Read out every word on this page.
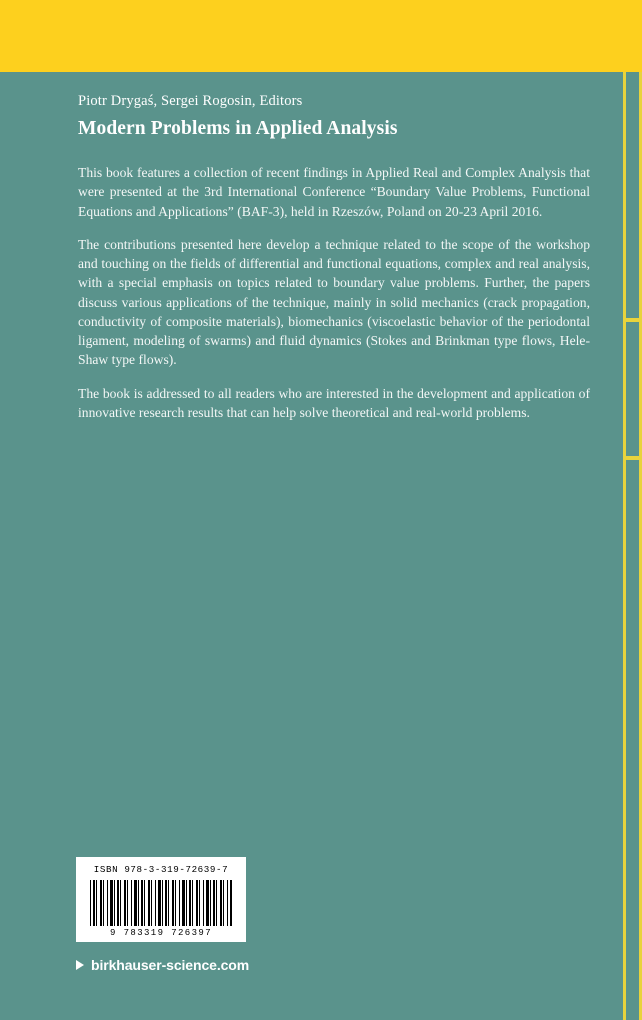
Piotr Drygaś, Sergei Rogosin, Editors

Modern Problems in Applied Analysis

This book features a collection of recent findings in Applied Real and Complex Analysis that were presented at the 3rd International Conference “Boundary Value Problems, Functional Equations and Applications” (BAF-3), held in Rzeszów, Poland on 20-23 April 2016.

The contributions presented here develop a technique related to the scope of the workshop and touching on the fields of differential and functional equations, complex and real analysis, with a special emphasis on topics related to boundary value problems. Further, the papers discuss various applications of the technique, mainly in solid mechanics (crack propagation, conductivity of composite materials), biomechanics (viscoelastic behavior of the periodontal ligament, modeling of swarms) and fluid dynamics (Stokes and Brinkman type flows, Hele-Shaw type flows).

The book is addressed to all readers who are interested in the development and application of innovative research results that can help solve theoretical and real-world problems.

ISBN 978-3-319-72639-7
9 783319 726397
birkhauser-science.com
